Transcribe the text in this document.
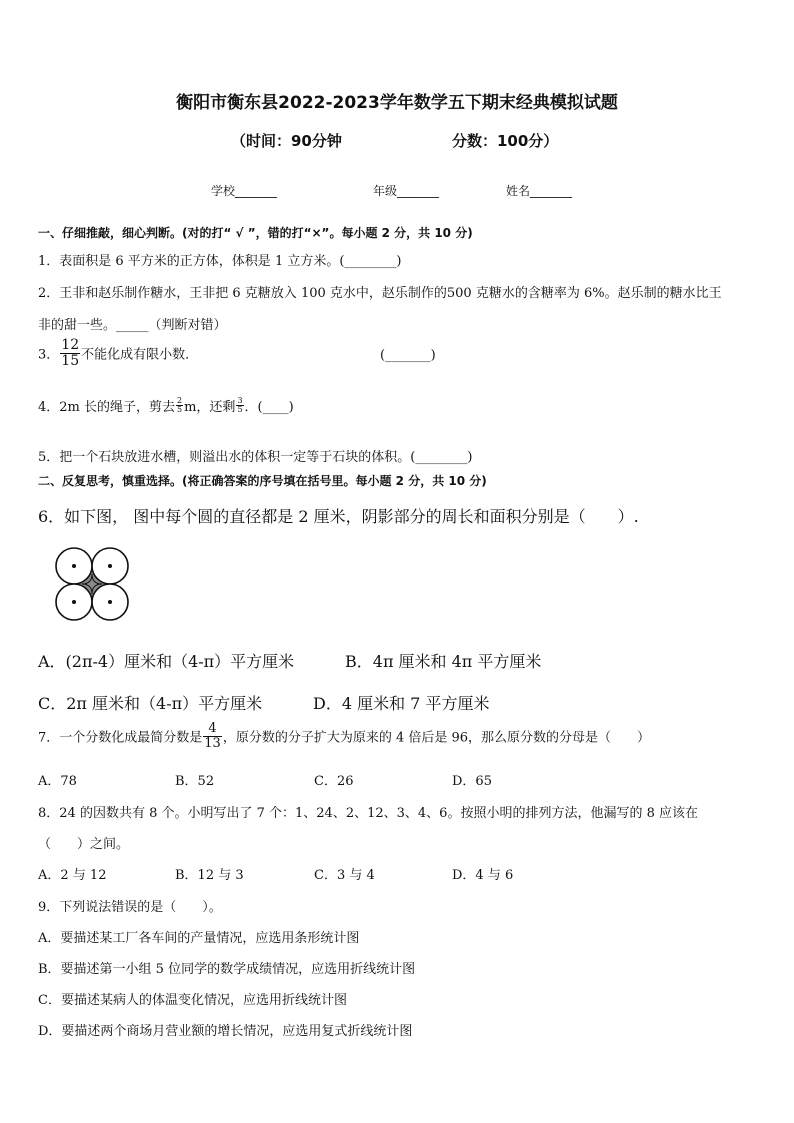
衡阳市衡东县2022-2023学年数学五下期末经典模拟试题
（时间：90分钟	分数：100分）
学校_______	年级_______	姓名_______
一、仔细推敲，细心判断。(对的打“ √ ”，错的打“×”。每小题 2 分，共 10 分)
1．表面积是 6 平方米的正方体，体积是 1 立方米。(________)
2．王非和赵乐制作糖水，王非把 6 克糖放入 100 克水中，赵乐制作的500 克糖水的含糖率为 6%。赵乐制的糖水比王
非的甜一些。_____（判断对错）
3． $\frac{12}{15}$ 不能化成有限小数．	(_______)
4．2m 长的绳子，剪去 $\frac{2}{5}$ m，还剩 $\frac{3}{5}$ ．(____)
5．把一个石块放进水槽，则溢出水的体积一定等于石块的体积。(________)
二、反复思考，慎重选择。(将正确答案的序号填在括号里。每小题 2 分，共 10 分)
6．如下图， 图中每个圆的直径都是 2 厘米，阴影部分的周长和面积分别是（　　）.
A．(2π-4）厘米和（4-π）平方厘米	B．4π 厘米和 4π 平方厘米
C．2π 厘米和（4-π）平方厘米	D．4 厘米和 7 平方厘米
7．一个分数化成最简分数是 $\frac{4}{13}$ ，原分数的分子扩大为原来的 4 倍后是 96，那么原分数的分母是（　　）
A．78	B．52	C．26	D．65
8．24 的因数共有 8 个。小明写出了 7 个：1、24、2、12、3、4、6。按照小明的排列方法，他漏写的 8 应该在
（　　）之间。
A．2 与 12	B．12 与 3	C．3 与 4	D．4 与 6
9．下列说法错误的是（　　）。
A．要描述某工厂各车间的产量情况，应选用条形统计图
B．要描述第一小组 5 位同学的数学成绩情况，应选用折线统计图
C．要描述某病人的体温变化情况，应选用折线统计图
D．要描述两个商场月营业额的增长情况，应选用复式折线统计图
